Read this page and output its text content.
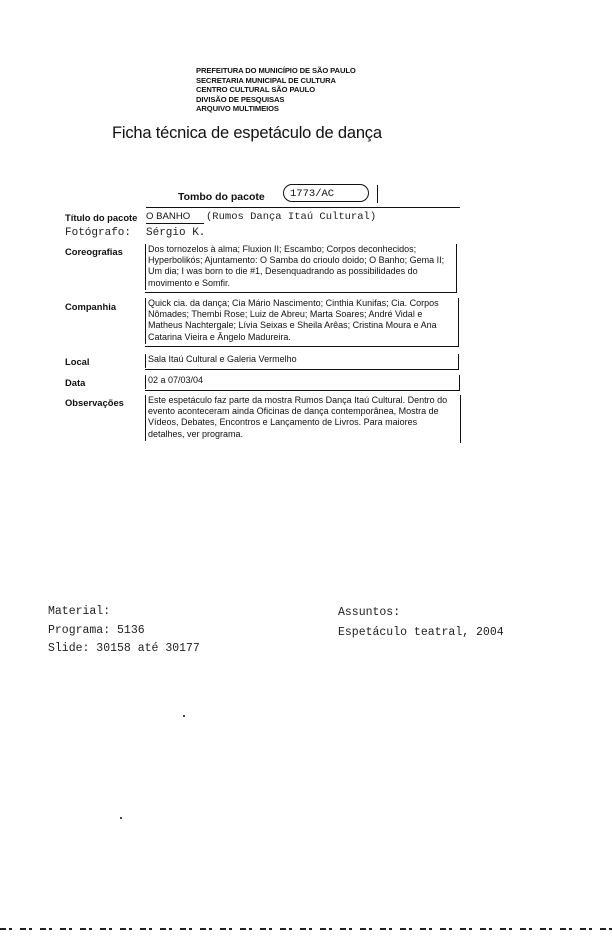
PREFEITURA DO MUNICÍPIO DE SÃO PAULO
SECRETARIA MUNICIPAL DE CULTURA
CENTRO CULTURAL SÃO PAULO
DIVISÃO DE PESQUISAS
ARQUIVO MULTIMEIOS
Ficha técnica de espetáculo de dança
Tombo do pacote	1773/AC
Título do pacote O BANHO (Rumos Dança Itaú Cultural)
Fotógrafo: Sérgio K.
Coreografias	Dos tornozelos à alma; Fluxion II; Escambo; Corpos deconhecidos; Hyperbolikós; Ajuntamento: O Samba do crioulo doido; O Banho; Gema II; Um dia; I was born to die #1, Desenquadrando as possibilidades do movimento e Somfir.
Companhia	Quick cia. da dança; Cia Mário Nascimento; Cinthia Kunifas; Cia. Corpos Nômades; Thembi Rose; Luiz de Abreu; Marta Soares; André Vidal e Matheus Nachtergale; Lívia Seixas e Sheila Arêas; Cristina Moura e Ana Catarina Vieira e Ângelo Madureira.
Local	Sala Itaú Cultural e Galeria Vermelho
Data	02 a 07/03/04
Observações	Este espetáculo faz parte da mostra Rumos Dança Itaú Cultural. Dentro do evento aconteceram ainda Oficinas de dança contemporânea, Mostra de Vídeos, Debates, Encontros e Lançamento de Livros. Para maiores detalhes, ver programa.
Material:
Programa: 5136
Slide: 30158 até 30177
Assuntos:
Espetáculo teatral, 2004
